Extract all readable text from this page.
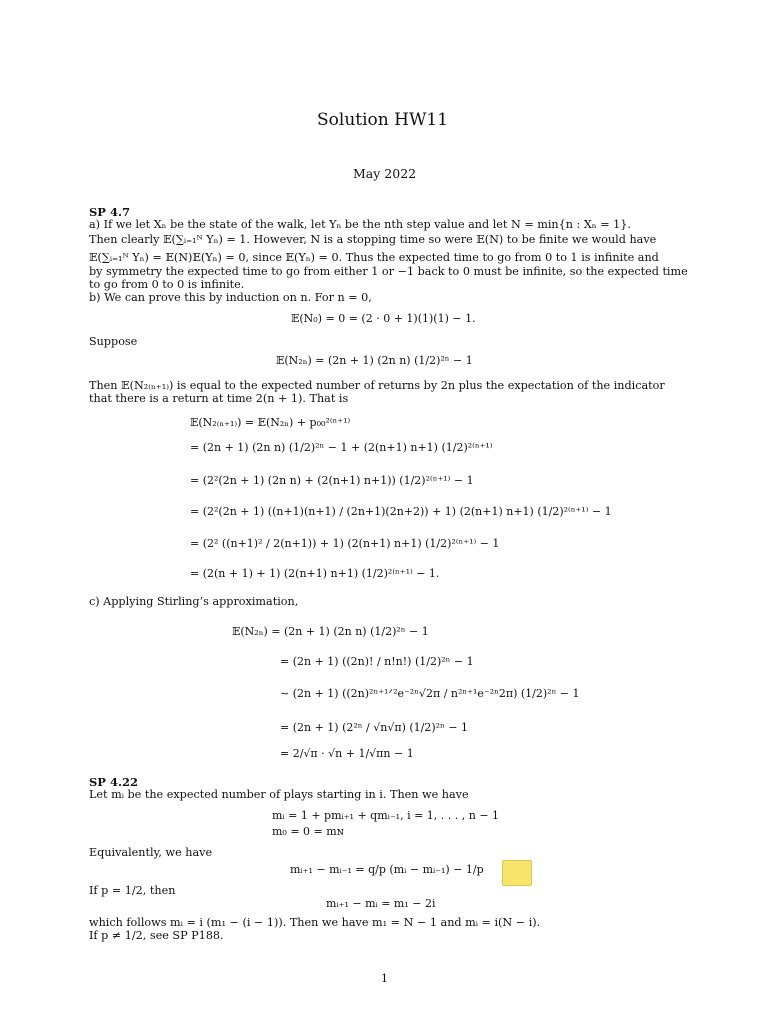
Solution HW11
May 2022
SP 4.7
a) If we let Xₙ be the state of the walk, let Yₙ be the nth step value and let N = min{n : Xₙ = 1}.
Then clearly 𝔼(∑ᵢ₌₁ᴺ Yₙ) = 1. However, N is a stopping time so were 𝔼(N) to be finite we would have
𝔼(∑ᵢ₌₁ᴺ Yₙ) = 𝔼(N)𝔼(Yₙ) = 0, since 𝔼(Yₙ) = 0. Thus the expected time to go from 0 to 1 is infinite and
by symmetry the expected time to go from either 1 or −1 back to 0 must be infinite, so the expected time
to go from 0 to 0 is infinite.
b) We can prove this by induction on n. For n = 0,
𝔼(N₀) = 0 = (2 · 0 + 1)(1)(1) − 1.
Suppose
𝔼(N₂ₙ) = (2n + 1) (2n n) (1/2)²ⁿ − 1
Then 𝔼(N₂₍ₙ₊₁₎) is equal to the expected number of returns by 2n plus the expectation of the indicator
that there is a return at time 2(n + 1). That is
𝔼(N₂₍ₙ₊₁₎) = 𝔼(N₂ₙ) + p₀₀²⁽ⁿ⁺¹⁾
= (2n + 1) (2n n) (1/2)²ⁿ − 1 + (2(n+1) n+1) (1/2)²⁽ⁿ⁺¹⁾
= (2²(2n + 1) (2n n) + (2(n+1) n+1)) (1/2)²⁽ⁿ⁺¹⁾ − 1
= (2²(2n + 1) ((n+1)(n+1) / (2n+1)(2n+2)) + 1) (2(n+1) n+1) (1/2)²⁽ⁿ⁺¹⁾ − 1
= (2² ((n+1)² / 2(n+1)) + 1) (2(n+1) n+1) (1/2)²⁽ⁿ⁺¹⁾ − 1
= (2(n + 1) + 1) (2(n+1) n+1) (1/2)²⁽ⁿ⁺¹⁾ − 1.
c) Applying Stirling’s approximation,
𝔼(N₂ₙ) = (2n + 1) (2n n) (1/2)²ⁿ − 1
= (2n + 1) ((2n)! / n!n!) (1/2)²ⁿ − 1
∼ (2n + 1) ((2n)²ⁿ⁺¹ᐟ²e⁻²ⁿ√2π / n²ⁿ⁺¹e⁻²ⁿ2π) (1/2)²ⁿ − 1
= (2n + 1) (2²ⁿ / √n√π) (1/2)²ⁿ − 1
= 2/√π · √n + 1/√πn − 1
SP 4.22
Let mᵢ be the expected number of plays starting in i. Then we have
mᵢ = 1 + pmᵢ₊₁ + qmᵢ₋₁, i = 1, . . . , n − 1
m₀ = 0 = mɴ
Equivalently, we have
mᵢ₊₁ − mᵢ₋₁ = q/p (mᵢ − mᵢ₋₁) − 1/p
If p = 1/2, then
mᵢ₊₁ − mᵢ = m₁ − 2i
which follows mᵢ = i (m₁ − (i − 1)). Then we have m₁ = N − 1 and mᵢ = i(N − i).
If p ≠ 1/2, see SP P188.
1
